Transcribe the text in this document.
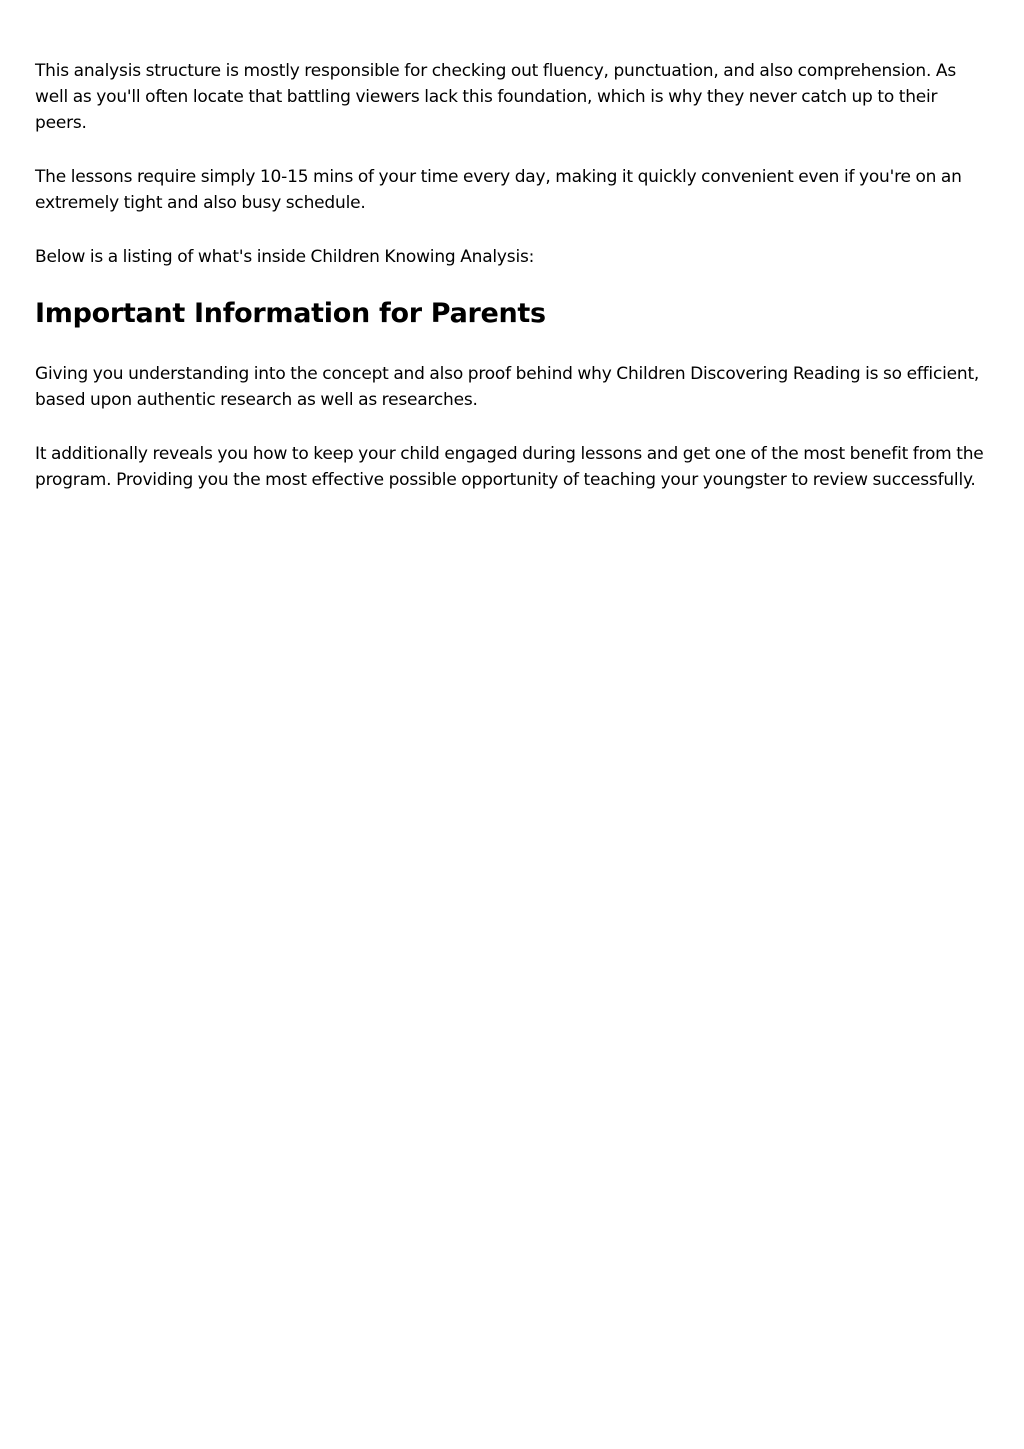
This analysis structure is mostly responsible for checking out fluency, punctuation, and also comprehension. As well as you'll often locate that battling viewers lack this foundation, which is why they never catch up to their peers.

The lessons require simply 10-15 mins of your time every day, making it quickly convenient even if you're on an extremely tight and also busy schedule.

Below is a listing of what's inside Children Knowing Analysis:

Important Information for Parents

Giving you understanding into the concept and also proof behind why Children Discovering Reading is so efficient, based upon authentic research as well as researches.

It additionally reveals you how to keep your child engaged during lessons and get one of the most benefit from the program. Providing you the most effective possible opportunity of teaching your youngster to review successfully.
